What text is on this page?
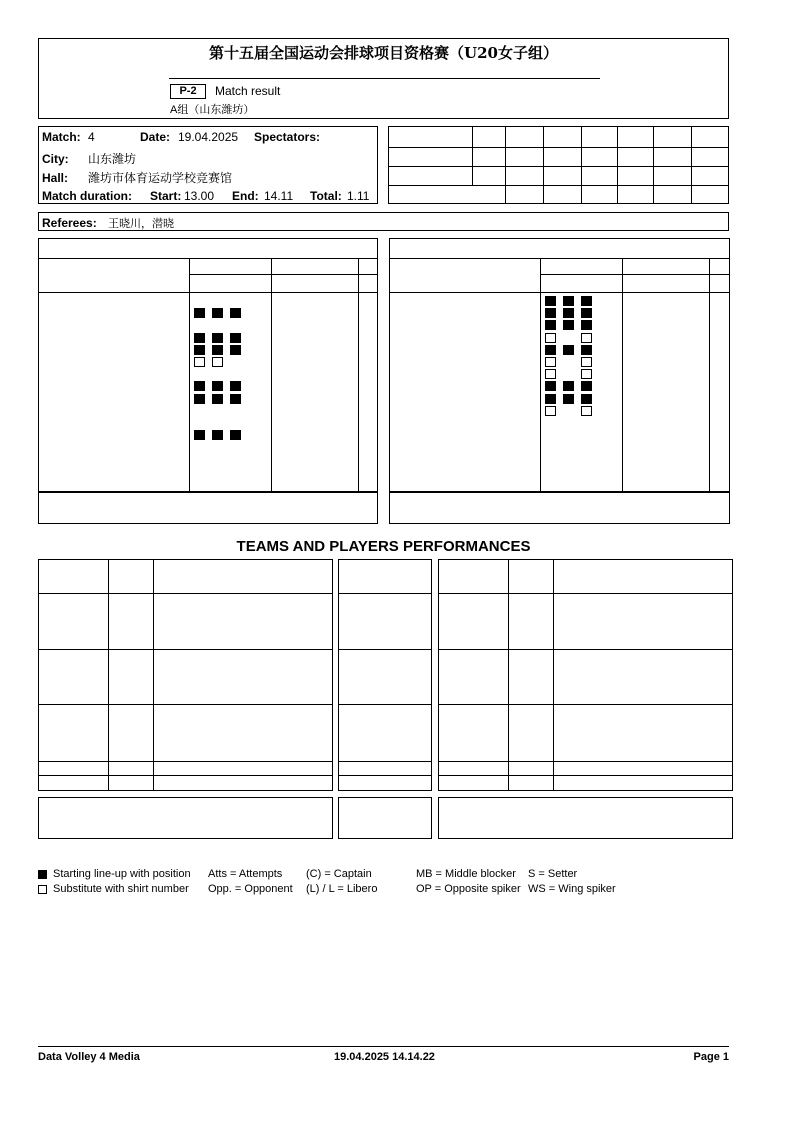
第十五届全国运动会排球项目资格赛（U20女子组）
P-2	Match result
A组（山东潍坊）
Match: 4	Date: 19.04.2025 Spectators:
City: 山东潍坊
Hall: 潍坊市体育运动学校竞赛馆
Match duration: Start: 13.00 End: 14.11 Total: 1.11
Referees: 王晓川，潜晓
TEAMS AND PLAYERS PERFORMANCES
Starting line-up with position
Substitute with shirt number
Atts = Attempts
Opp. = Opponent
(C) = Captain
(L) / L = Libero
MB = Middle blocker
OP = Opposite spiker
S = Setter
WS = Wing spiker
Data Volley 4 Media	19.04.2025 14.14.22	Page 1
